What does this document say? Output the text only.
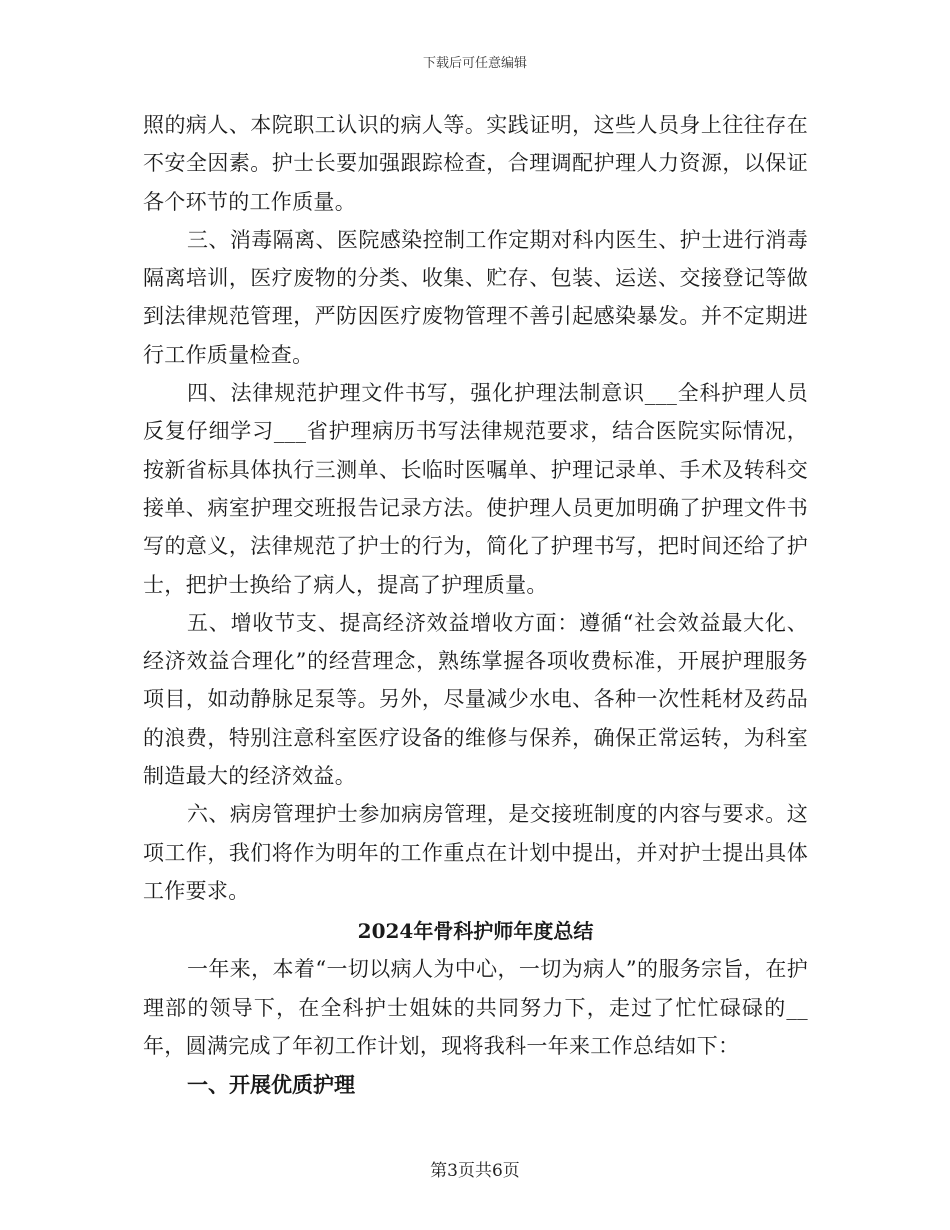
下载后可任意编辑

照的病人、本院职工认识的病人等。实践证明，这些人员身上往往存在不安全因素。护士长要加强跟踪检查，合理调配护理人力资源，以保证各个环节的工作质量。

三、消毒隔离、医院感染控制工作定期对科内医生、护士进行消毒隔离培训，医疗废物的分类、收集、贮存、包装、运送、交接登记等做到法律规范管理，严防因医疗废物管理不善引起感染暴发。并不定期进行工作质量检查。

四、法律规范护理文件书写，强化护理法制意识___全科护理人员反复仔细学习___省护理病历书写法律规范要求，结合医院实际情况，按新省标具体执行三测单、长临时医嘱单、护理记录单、手术及转科交接单、病室护理交班报告记录方法。使护理人员更加明确了护理文件书写的意义，法律规范了护士的行为，简化了护理书写，把时间还给了护士，把护士换给了病人，提高了护理质量。

五、增收节支、提高经济效益增收方面：遵循“社会效益最大化、经济效益合理化”的经营理念，熟练掌握各项收费标准，开展护理服务项目，如动静脉足泵等。另外，尽量减少水电、各种一次性耗材及药品的浪费，特别注意科室医疗设备的维修与保养，确保正常运转，为科室制造最大的经济效益。

六、病房管理护士参加病房管理，是交接班制度的内容与要求。这项工作，我们将作为明年的工作重点在计划中提出，并对护士提出具体工作要求。

2024年骨科护师年度总结

一年来，本着“一切以病人为中心，一切为病人”的服务宗旨，在护理部的领导下，在全科护士姐妹的共同努力下，走过了忙忙碌碌的__年，圆满完成了年初工作计划，现将我科一年来工作总结如下：

一、开展优质护理

第3页共6页
